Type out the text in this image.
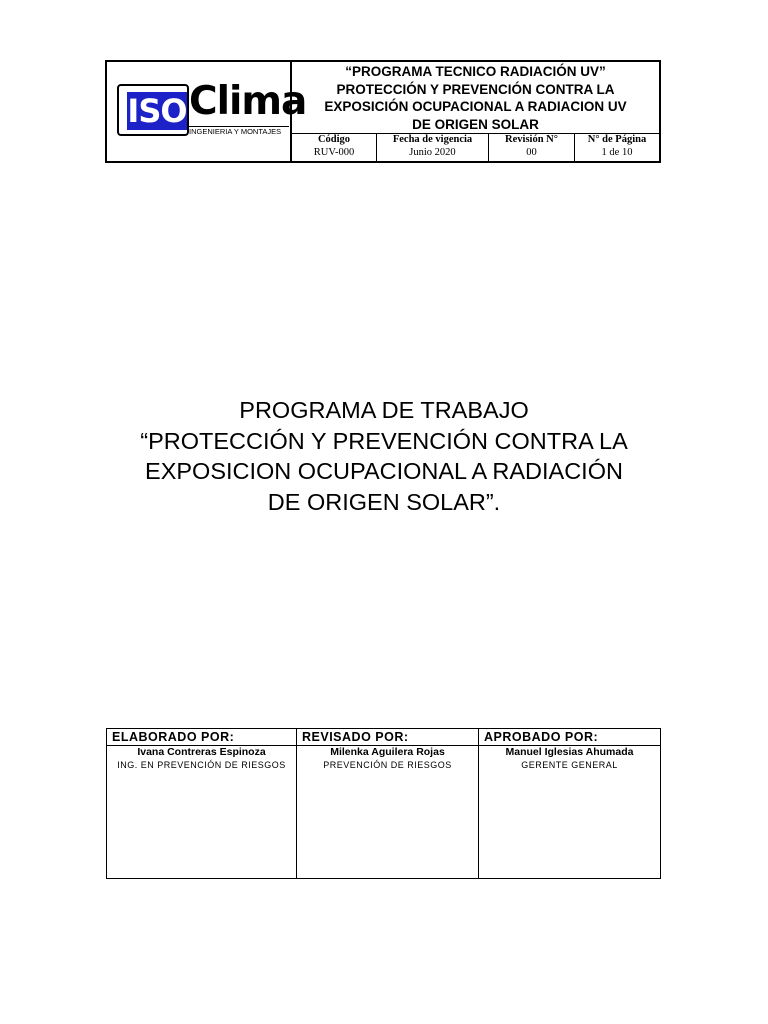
ISO Clima
INGENIERIA Y MONTAJES
“PROGRAMA TECNICO RADIACIÓN UV”
PROTECCIÓN Y PREVENCIÓN CONTRA LA
EXPOSICIÓN OCUPACIONAL A RADIACION UV
DE ORIGEN SOLAR
Código
RUV-000
Fecha de vigencia
Junio 2020
Revisión N°
00
N° de Página
1 de 10
PROGRAMA DE TRABAJO
“PROTECCIÓN Y PREVENCIÓN CONTRA LA
EXPOSICION OCUPACIONAL A RADIACIÓN
DE ORIGEN SOLAR”.
ELABORADO POR:
Ivana Contreras Espinoza
ING. EN PREVENCIÓN DE RIESGOS
REVISADO POR:
Milenka Aguilera Rojas
PREVENCIÓN DE RIESGOS
APROBADO POR:
Manuel Iglesias Ahumada
GERENTE GENERAL
